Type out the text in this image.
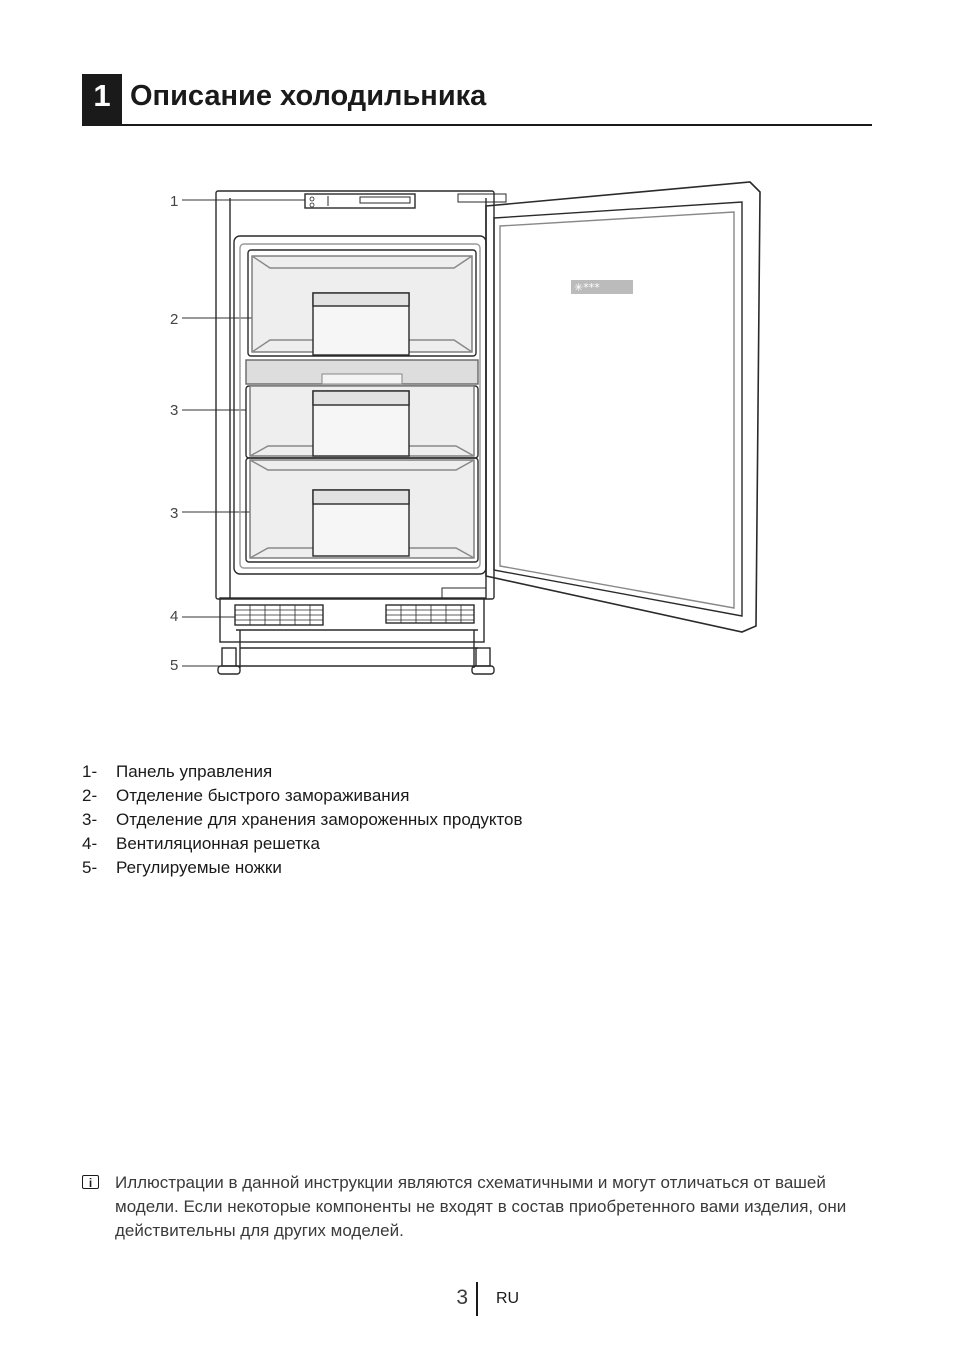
1 Описание холодильника
1
2
3
3
4
5
✳***
1-	Панель управления
2-	Отделение быстрого замораживания
3-	Отделение для хранения замороженных продуктов
4-	Вентиляционная решетка
5-	Регулируемые ножки
i	Иллюстрации в данной инструкции являются схематичными и могут отличаться от вашей модели. Если некоторые компоненты не входят в состав приобретенного вами изделия, они действительны для других моделей.
3 RU
